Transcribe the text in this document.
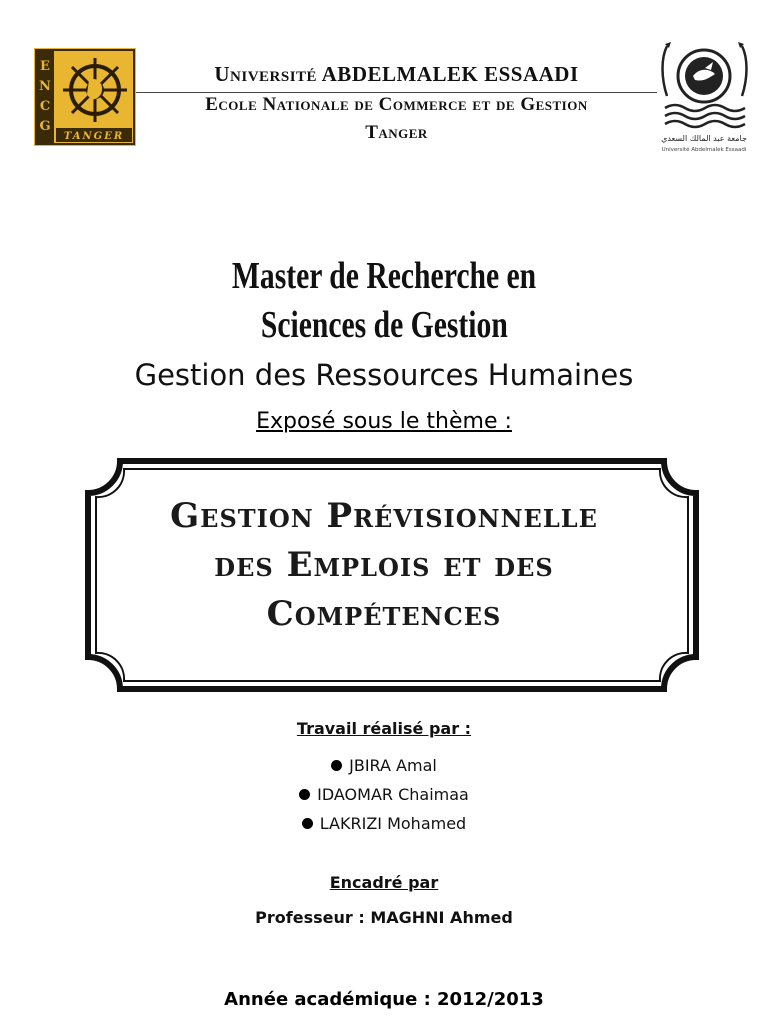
E
N
C
G
TANGER	جامعة عبد المالك السعدي
Université Abdelmalek Essaadi
Université ABDELMALEK ESSAADI
Ecole Nationale de Commerce et de Gestion
Tanger
Master de Recherche en
Sciences de Gestion
Gestion des Ressources Humaines
Exposé sous le thème :
Gestion Prévisionnelle
des Emplois et des
Compétences
Travail réalisé par :
JBIRA Amal
IDAOMAR Chaimaa
LAKRIZI Mohamed
Encadré par
Professeur : MAGHNI Ahmed
Année académique : 2012/2013
